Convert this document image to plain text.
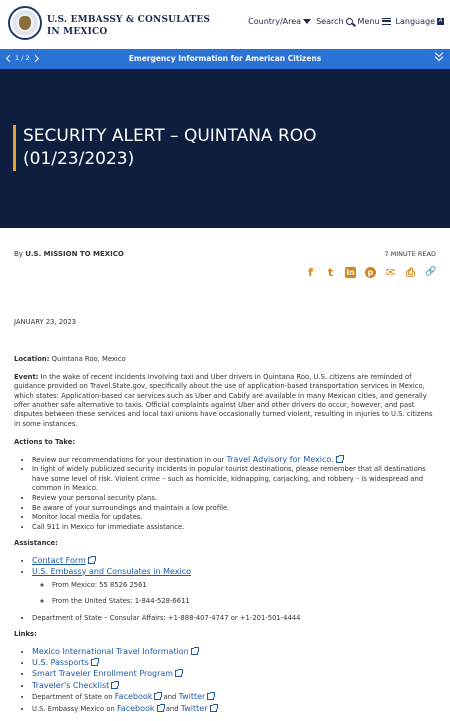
U.S. EMBASSY & CONSULATES
IN MEXICO
Country/Area Search Menu Language A
1 / 2	Emergency Information for American Citizens
SECURITY ALERT – QUINTANA ROO (01/23/2023)
By U.S. MISSION TO MEXICO	7 MINUTE READ
f t	in	p ✉ ⎙ 🔗
JANUARY 23, 2023
Location: Quintana Roo, Mexico

Event: In the wake of recent incidents involving taxi and Uber drivers in Quintana Roo, U.S. citizens are reminded of guidance provided on Travel.State.gov, specifically about the use of application-based transportation services in Mexico, which states: Application-based car services such as Uber and Cabify are available in many Mexican cities, and generally offer another safe alternative to taxis. Official complaints against Uber and other drivers do occur, however, and past disputes between these services and local taxi unions have occasionally turned violent, resulting in injuries to U.S. citizens in some instances.

Actions to Take:
• Review our recommendations for your destination in our Travel Advisory for Mexico.
• In light of widely publicized security incidents in popular tourist destinations, please remember that all destinations have some level of risk. Violent crime – such as homicide, kidnapping, carjacking, and robbery – is widespread and common in Mexico.
• Review your personal security plans.
• Be aware of your surroundings and maintain a low profile.
• Monitor local media for updates.
• Call 911 in Mexico for immediate assistance.
Assistance:
• Contact Form
• U.S. Embassy and Consulates in Mexico
◦ From Mexico: 55 8526 2561
◦ From the United States: 1-844-528-6611
• Department of State – Consular Affairs: +1-888-407-4747 or +1-201-501-4444
Links:
• Mexico International Travel Information
• U.S. Passports
• Smart Traveler Enrollment Program
• Traveler's Checklist
• Department of State on Facebook and Twitter
• U.S. Embassy Mexico on Facebook and Twitter
